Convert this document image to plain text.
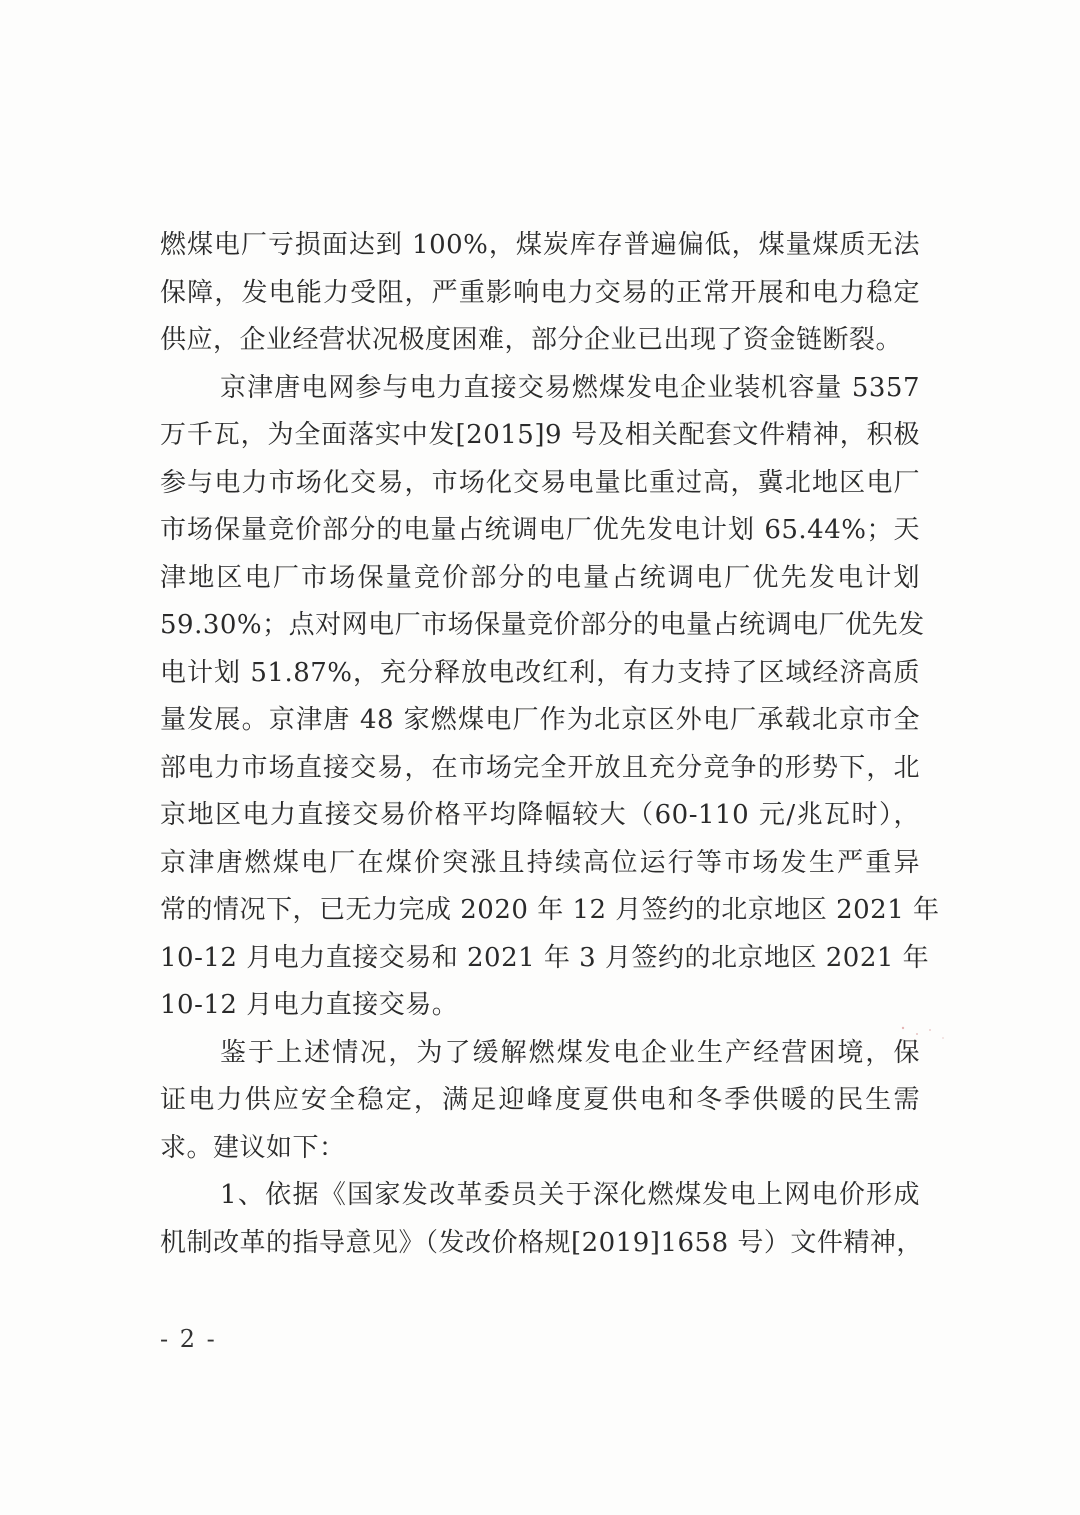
燃煤电厂亏损面达到 100%，煤炭库存普遍偏低，煤量煤质无法
保障，发电能力受阻，严重影响电力交易的正常开展和电力稳定
供应，企业经营状况极度困难，部分企业已出现了资金链断裂。
京津唐电网参与电力直接交易燃煤发电企业装机容量 5357
万千瓦，为全面落实中发[2015]9 号及相关配套文件精神，积极
参与电力市场化交易，市场化交易电量比重过高，冀北地区电厂
市场保量竞价部分的电量占统调电厂优先发电计划 65.44%；天
津地区电厂市场保量竞价部分的电量占统调电厂优先发电计划
59.30%；点对网电厂市场保量竞价部分的电量占统调电厂优先发
电计划 51.87%，充分释放电改红利，有力支持了区域经济高质
量发展。京津唐 48 家燃煤电厂作为北京区外电厂承载北京市全
部电力市场直接交易，在市场完全开放且充分竞争的形势下，北
京地区电力直接交易价格平均降幅较大（60-110 元/兆瓦时），
京津唐燃煤电厂在煤价突涨且持续高位运行等市场发生严重异
常的情况下，已无力完成 2020 年 12 月签约的北京地区 2021 年
10-12 月电力直接交易和 2021 年 3 月签约的北京地区 2021 年
10-12 月电力直接交易。
鉴于上述情况，为了缓解燃煤发电企业生产经营困境，保
证电力供应安全稳定，满足迎峰度夏供电和冬季供暖的民生需
求。建议如下：
1、依据《国家发改革委员关于深化燃煤发电上网电价形成
机制改革的指导意见》（发改价格规[2019]1658 号）文件精神，
- 2 -
